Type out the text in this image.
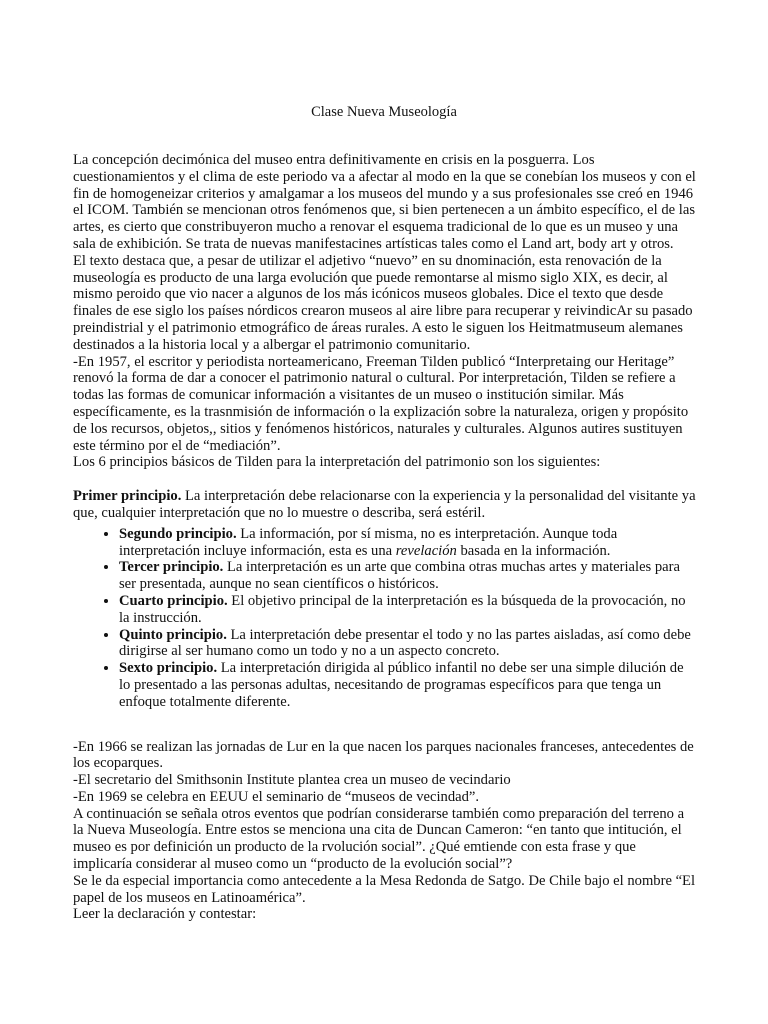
Clase Nueva Museología

La concepción decimónica del museo entra definitivamente en crisis en la posguerra. Los cuestionamientos y el clima de este periodo va a afectar al modo en la que se conebían los museos y con el fin de homogeneizar criterios y amalgamar a los museos del mundo y a sus profesionales sse creó en 1946 el ICOM. También se mencionan otros fenómenos que, si bien pertenecen a un ámbito específico, el de las artes, es cierto que constribuyeron mucho a renovar el esquema tradicional de lo que es un museo y una sala de exhibición. Se trata de nuevas manifestacines artísticas tales como el Land art, body art y otros.

El texto destaca que, a pesar de utilizar el adjetivo “nuevo” en su dnominación, esta renovación de la museología es producto de una larga evolución que puede remontarse al mismo siglo XIX, es decir, al mismo peroido que vio nacer a algunos de los más icónicos museos globales. Dice el texto que desde finales de ese siglo los países nórdicos crearon museos al aire libre para recuperar y reivindicAr su pasado preindistrial y el patrimonio etmográfico de áreas rurales. A esto le siguen los Heitmatmuseum alemanes destinados a la historia local y a albergar el patrimonio comunitario.

-En 1957, el escritor y periodista norteamericano, Freeman Tilden publicó “Interpretaing our Heritage” renovó la forma de dar a conocer el patrimonio natural o cultural. Por interpretación, Tilden se refiere a todas las formas de comunicar información a visitantes de un museo o institución similar. Más específicamente, es la trasnmisión de información o la explización sobre la naturaleza, origen y propósito de los recursos, objetos,, sitios y fenómenos históricos, naturales y culturales. Algunos autires sustituyen este término por el de “mediación”.

Los 6 principios básicos de Tilden para la interpretación del patrimonio son los siguientes:

Primer principio. La interpretación debe relacionarse con la experiencia y la personalidad del visitante ya que, cualquier interpretación que no lo muestre o describa, será estéril.

• Segundo principio. La información, por sí misma, no es interpretación. Aunque toda interpretación incluye información, esta es una revelación basada en la información.
• Tercer principio. La interpretación es un arte que combina otras muchas artes y materiales para ser presentada, aunque no sean científicos o históricos.
• Cuarto principio. El objetivo principal de la interpretación es la búsqueda de la provocación, no la instrucción.
• Quinto principio. La interpretación debe presentar el todo y no las partes aisladas, así como debe dirigirse al ser humano como un todo y no a un aspecto concreto.
• Sexto principio. La interpretación dirigida al público infantil no debe ser una simple dilución de lo presentado a las personas adultas, necesitando de programas específicos para que tenga un enfoque totalmente diferente.

-En 1966 se realizan las jornadas de Lur en la que nacen los parques nacionales franceses, antecedentes de los ecoparques.

-El secretario del Smithsonin Institute plantea crea un museo de vecindario

-En 1969 se celebra en EEUU el seminario de “museos de vecindad”.

A continuación se señala otros eventos que podrían considerarse también como preparación del terreno a la Nueva Museología. Entre estos se menciona una cita de Duncan Cameron: “en tanto que intitución, el museo es por definición un producto de la rvolución social”. ¿Qué emtiende con esta frase y que implicaría considerar al museo como un “producto de la evolución social”?

Se le da especial importancia como antecedente a la Mesa Redonda de Satgo. De Chile bajo el nombre “El papel de los museos en Latinoamérica”.

Leer la declaración y contestar:
